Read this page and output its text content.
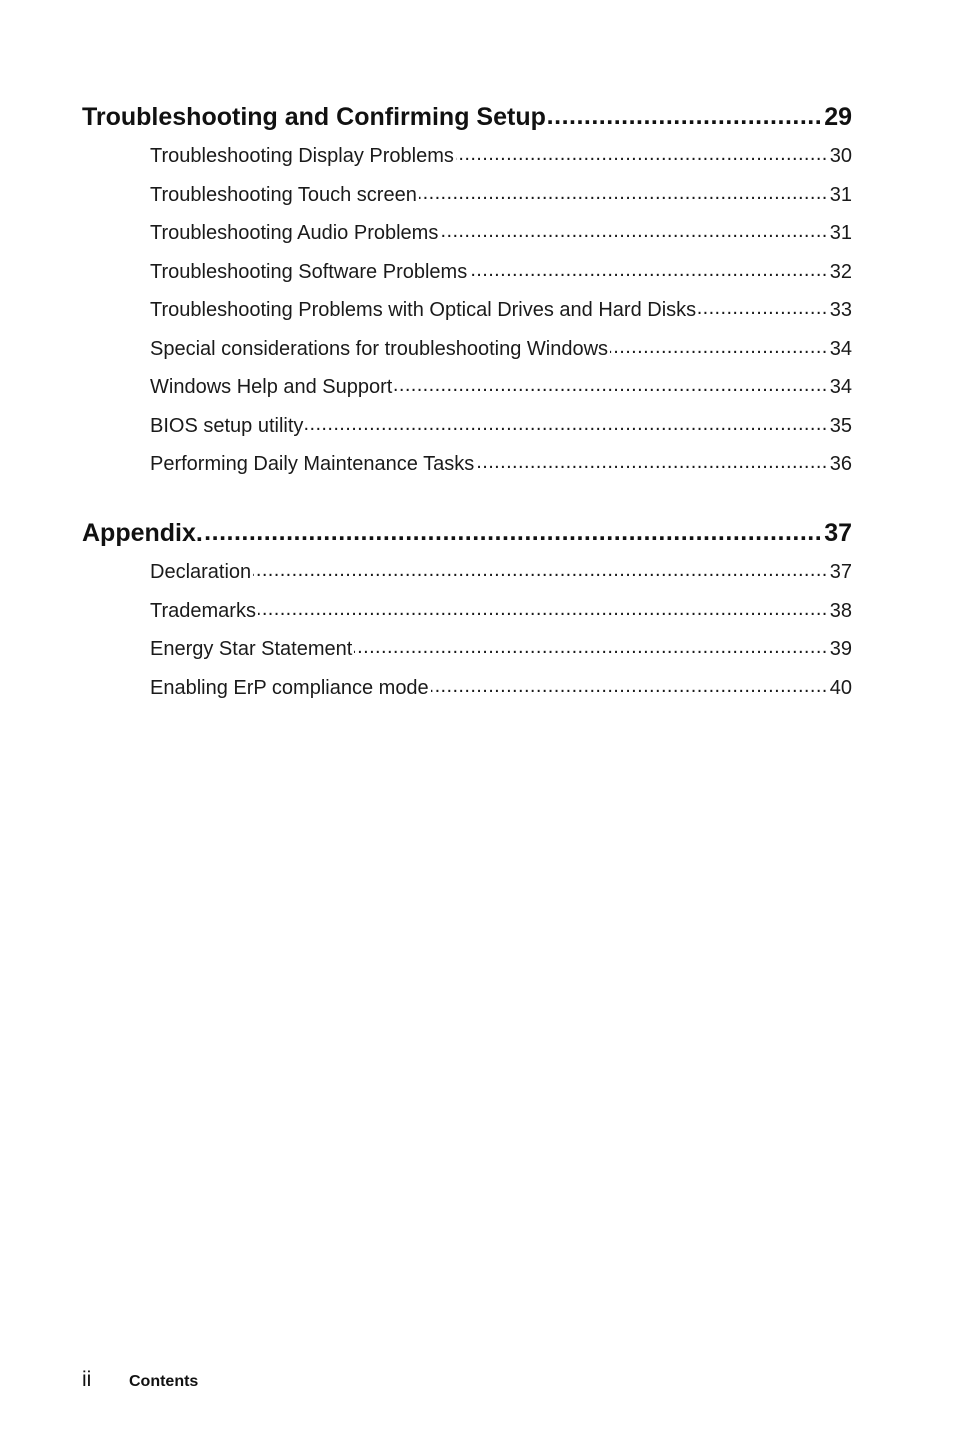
Troubleshooting and Confirming Setup .....	29
Troubleshooting Display Problems .....	30
Troubleshooting Touch screen .....	31
Troubleshooting Audio Problems .....	31
Troubleshooting Software Problems .....	32
Troubleshooting Problems with Optical Drives and Hard Disks .....	33
Special considerations for troubleshooting Windows .....	34
Windows Help and Support .....	34
BIOS setup utility .....	35
Performing Daily Maintenance Tasks .....	36
Appendix. .....	37
Declaration .....	37
Trademarks .....	38
Energy Star Statement .....	39
Enabling ErP compliance mode .....	40
ii	Contents
